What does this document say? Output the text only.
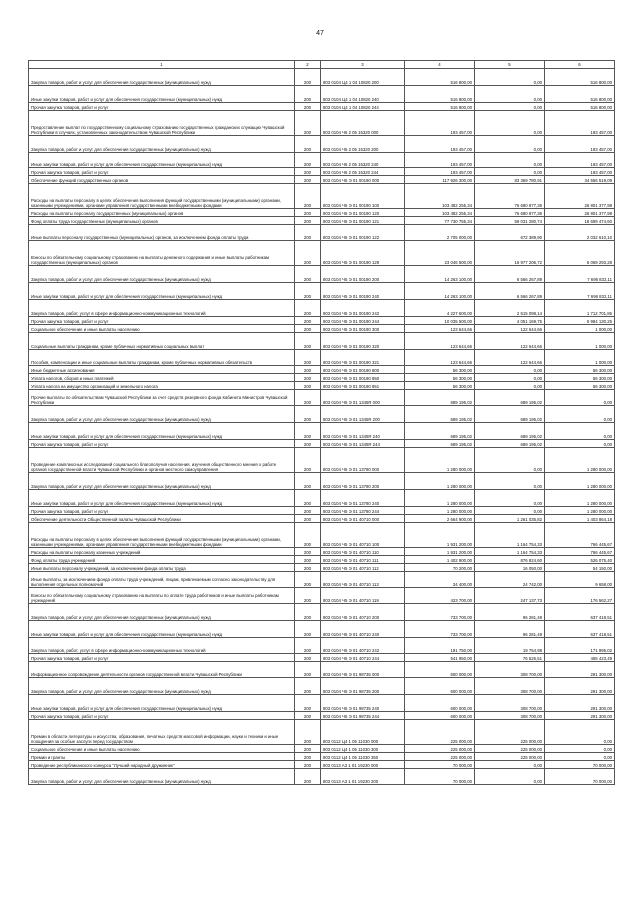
47
1	2	3	4	5	6
Закупка товаров, работ и услуг для обеспечения государственных (муниципальных) нужд	200	803 0104 Ц4 1 04 10820 200	516 800,00	0,00	516 800,00
Иные закупки товаров, работ и услуг для обеспечения государственных (муниципальных) нужд	200	803 0104 Ц4 1 04 10820 240	516 800,00	0,00	516 800,00
Прочая закупка товаров, работ и услуг	200	803 0104 Ц4 1 04 10820 244	516 800,00	0,00	516 800,00
Предоставление выплат по государственному социальному страхованию государственных гражданских служащих Чувашской Республики в случаях, установленных законодательством Чувашской Республики	200	803 0104 Ч5 2 05 15320 000	193 457,00	0,00	193 457,00
Закупка товаров, работ и услуг для обеспечения государственных (муниципальных) нужд	200	803 0104 Ч5 2 05 15320 200	193 457,00	0,00	193 457,00
Иные закупки товаров, работ и услуг для обеспечения государственных (муниципальных) нужд	200	803 0104 Ч5 2 05 15320 240	193 457,00	0,00	193 457,00
Прочая закупка товаров, работ и услуг	200	803 0104 Ч5 2 05 15320 244	193 457,00	0,00	193 457,00
Обеспечение функций государственных органов	200	803 0104 Ч5 Э 01 00190 000	117 926 300,00	83 369 780,91	34 556 519,09
Расходы на выплаты персоналу в целях обеспечения выполнения функций государственными (муниципальными) органами, казенными учреждениями, органами управления государственными внебюджетными фондами	200	803 0104 Ч5 Э 01 00190 100	103 482 255,34	76 680 877,36	26 801 377,98
Расходы на выплаты персоналу государственных (муниципальных) органов	200	803 0104 Ч5 Э 01 00190 120	103 482 255,34	76 680 877,36	26 801 377,98
Фонд оплаты труда государственных (муниципальных) органов	200	803 0104 Ч5 Э 01 00190 121	77 730 755,34	59 031 280,74	18 699 474,60
Иные выплаты персоналу государственных (муниципальных) органов, за исключением фонда оплаты труда	200	803 0104 Ч5 Э 01 00190 122	2 705 000,00	672 389,90	2 032 610,10
Взносы по обязательному социальному страхованию на выплаты денежного содержания и иные выплаты работникам государственных (муниципальных) органов	200	803 0104 Ч5 Э 01 00190 129	23 046 500,00	16 977 206,72	6 069 293,28
Закупка товаров, работ и услуг для обеспечения государственных (муниципальных) нужд	200	803 0104 Ч5 Э 01 00190 200	14 263 100,00	6 566 267,89	7 696 832,11
Иные закупки товаров, работ и услуг для обеспечения государственных (муниципальных) нужд	200	803 0104 Ч5 Э 01 00190 240	14 263 100,00	6 566 267,89	7 696 832,11
Закупка товаров, работ, услуг в сфере информационно-коммуникационных технологий	200	803 0104 Ч5 Э 01 00190 242	4 227 600,00	2 515 098,14	1 712 701,86
Прочая закупка товаров, работ и услуг	200	803 0104 Ч5 Э 01 00190 244	10 035 500,00	4 051 169,75	5 984 130,25
Социальное обеспечение и иные выплаты населению	200	803 0104 Ч5 Э 01 00190 300	123 644,66	122 644,66	1 000,00
Социальные выплаты гражданам, кроме публичных нормативных социальных выплат	200	803 0104 Ч5 Э 01 00190 320	123 644,66	122 644,66	1 000,00
Пособия, компенсации и иные социальные выплаты гражданам, кроме публичных нормативных обязательств	200	803 0104 Ч5 Э 01 00190 321	123 644,66	122 644,66	1 000,00
Иные бюджетные ассигнования	200	803 0104 Ч5 Э 01 00190 800	56 300,00	0,00	56 300,00
Уплата налогов, сборов и иных платежей	200	803 0104 Ч5 Э 01 00190 850	56 300,00	0,00	56 300,00
Уплата налога на имущество организаций и земельного налога	200	803 0104 Ч5 Э 01 00190 851	56 300,00	0,00	56 300,00
Прочие выплаты по обязательствам Чувашской Республики за счет средств резервного фонда Кабинета Министров Чувашской Республики	200	803 0104 Ч5 Э 01 1345R 000	689 195,02	689 195,02	0,00
Закупка товаров, работ и услуг для обеспечения государственных (муниципальных) нужд	200	803 0104 Ч5 Э 01 1345R 200	689 195,02	689 195,02	0,00
Иные закупки товаров, работ и услуг для обеспечения государственных (муниципальных) нужд	200	803 0104 Ч5 Э 01 1345R 240	689 195,02	689 195,02	0,00
Прочая закупка товаров, работ и услуг	200	803 0104 Ч5 Э 01 1345R 244	689 195,02	689 195,02	0,00
Проведение комплексных исследований социального благополучия населения, изучения общественного мнения о работе органов государственной власти Чувашской Республики и органов местного самоуправления	200	803 0104 Ч5 Э 01 13780 000	1 280 000,00	0,00	1 280 000,00
Закупка товаров, работ и услуг для обеспечения государственных (муниципальных) нужд	200	803 0104 Ч5 Э 01 13780 200	1 280 000,00	0,00	1 280 000,00
Иные закупки товаров, работ и услуг для обеспечения государственных (муниципальных) нужд	200	803 0104 Ч5 Э 01 13780 240	1 280 000,00	0,00	1 280 000,00
Прочая закупка товаров, работ и услуг	200	803 0104 Ч5 Э 01 13780 244	1 280 000,00	0,00	1 280 000,00
Обеспечение деятельности Общественной палаты Чувашской Республики	200	803 0104 Ч5 Э 01 40710 000	2 664 900,00	1 261 035,82	1 403 864,18
Расходы на выплаты персоналу в целях обеспечения выполнения функций государственными (муниципальными) органами, казенными учреждениями, органами управления государственными внебюджетными фондами	200	803 0104 Ч5 Э 01 40710 100	1 931 200,00	1 164 754,33	766 445,67
Расходы на выплаты персоналу казенных учреждений	200	803 0104 Ч5 Э 01 40710 110	1 931 200,00	1 164 754,33	766 445,67
Фонд оплаты труда учреждений	200	803 0104 Ч5 Э 01 40710 111	1 402 900,00	876 824,60	526 075,40
Иные выплаты персоналу учреждений, за исключением фонда оплаты труда	200	803 0104 Ч5 Э 01 40710 112	70 200,00	16 050,00	54 150,00
Иные выплаты, за исключением фонда оплаты труда учреждений, лицам, привлекаемым согласно законодательству для выполнения отдельных полномочий	200	803 0104 Ч5 Э 01 40710 113	34 400,00	24 742,00	9 658,00
Взносы по обязательному социальному страхованию на выплаты по оплате труда работников и иные выплаты работникам учреждений	200	803 0104 Ч5 Э 01 40710 119	423 700,00	247 137,73	176 562,27
Закупка товаров, работ и услуг для обеспечения государственных (муниципальных) нужд	200	803 0104 Ч5 Э 01 40710 200	733 700,00	96 281,49	637 418,51
Иные закупки товаров, работ и услуг для обеспечения государственных (муниципальных) нужд	200	803 0104 Ч5 Э 01 40710 240	733 700,00	96 281,49	637 418,51
Закупка товаров, работ, услуг в сфере информационно-коммуникационных технологий	200	803 0104 Ч5 Э 01 40710 242	191 750,00	19 754,98	171 995,02
Прочая закупка товаров, работ и услуг	200	803 0104 Ч5 Э 01 40710 244	541 950,00	76 526,51	465 423,49
Информационное сопровождение деятельности органов государственной власти Чувашской Республики	200	803 0104 Ч5 Э 01 98735 000	600 000,00	308 700,00	291 300,00
Закупка товаров, работ и услуг для обеспечения государственных (муниципальных) нужд	200	803 0104 Ч5 Э 01 98735 200	600 000,00	308 700,00	291 300,00
Иные закупки товаров, работ и услуг для обеспечения государственных (муниципальных) нужд	200	803 0104 Ч5 Э 01 98735 240	600 000,00	308 700,00	291 300,00
Прочая закупка товаров, работ и услуг	200	803 0104 Ч5 Э 01 98735 244	600 000,00	308 700,00	291 300,00
Премии в области литературы и искусства, образования, печатных средств массовой информации, науки и техники и иные поощрения за особые заслуги перед государством	200	803 0112 Ц4 1 05 11030 000	225 000,00	225 000,00	0,00
Социальное обеспечение и иные выплаты населению	200	803 0112 Ц4 1 05 11030 300	225 000,00	225 000,00	0,00
Премии и гранты	200	803 0112 Ц4 1 05 11030 350	225 000,00	225 000,00	0,00
Проведение республиканского конкурса "Лучший народный дружинник"	200	803 0113 А3 1 01 19230 000	70 000,00	0,00	70 000,00
Закупка товаров, работ и услуг для обеспечения государственных (муниципальных) нужд	200	803 0113 А3 1 01 19230 200	70 000,00	0,00	70 000,00
